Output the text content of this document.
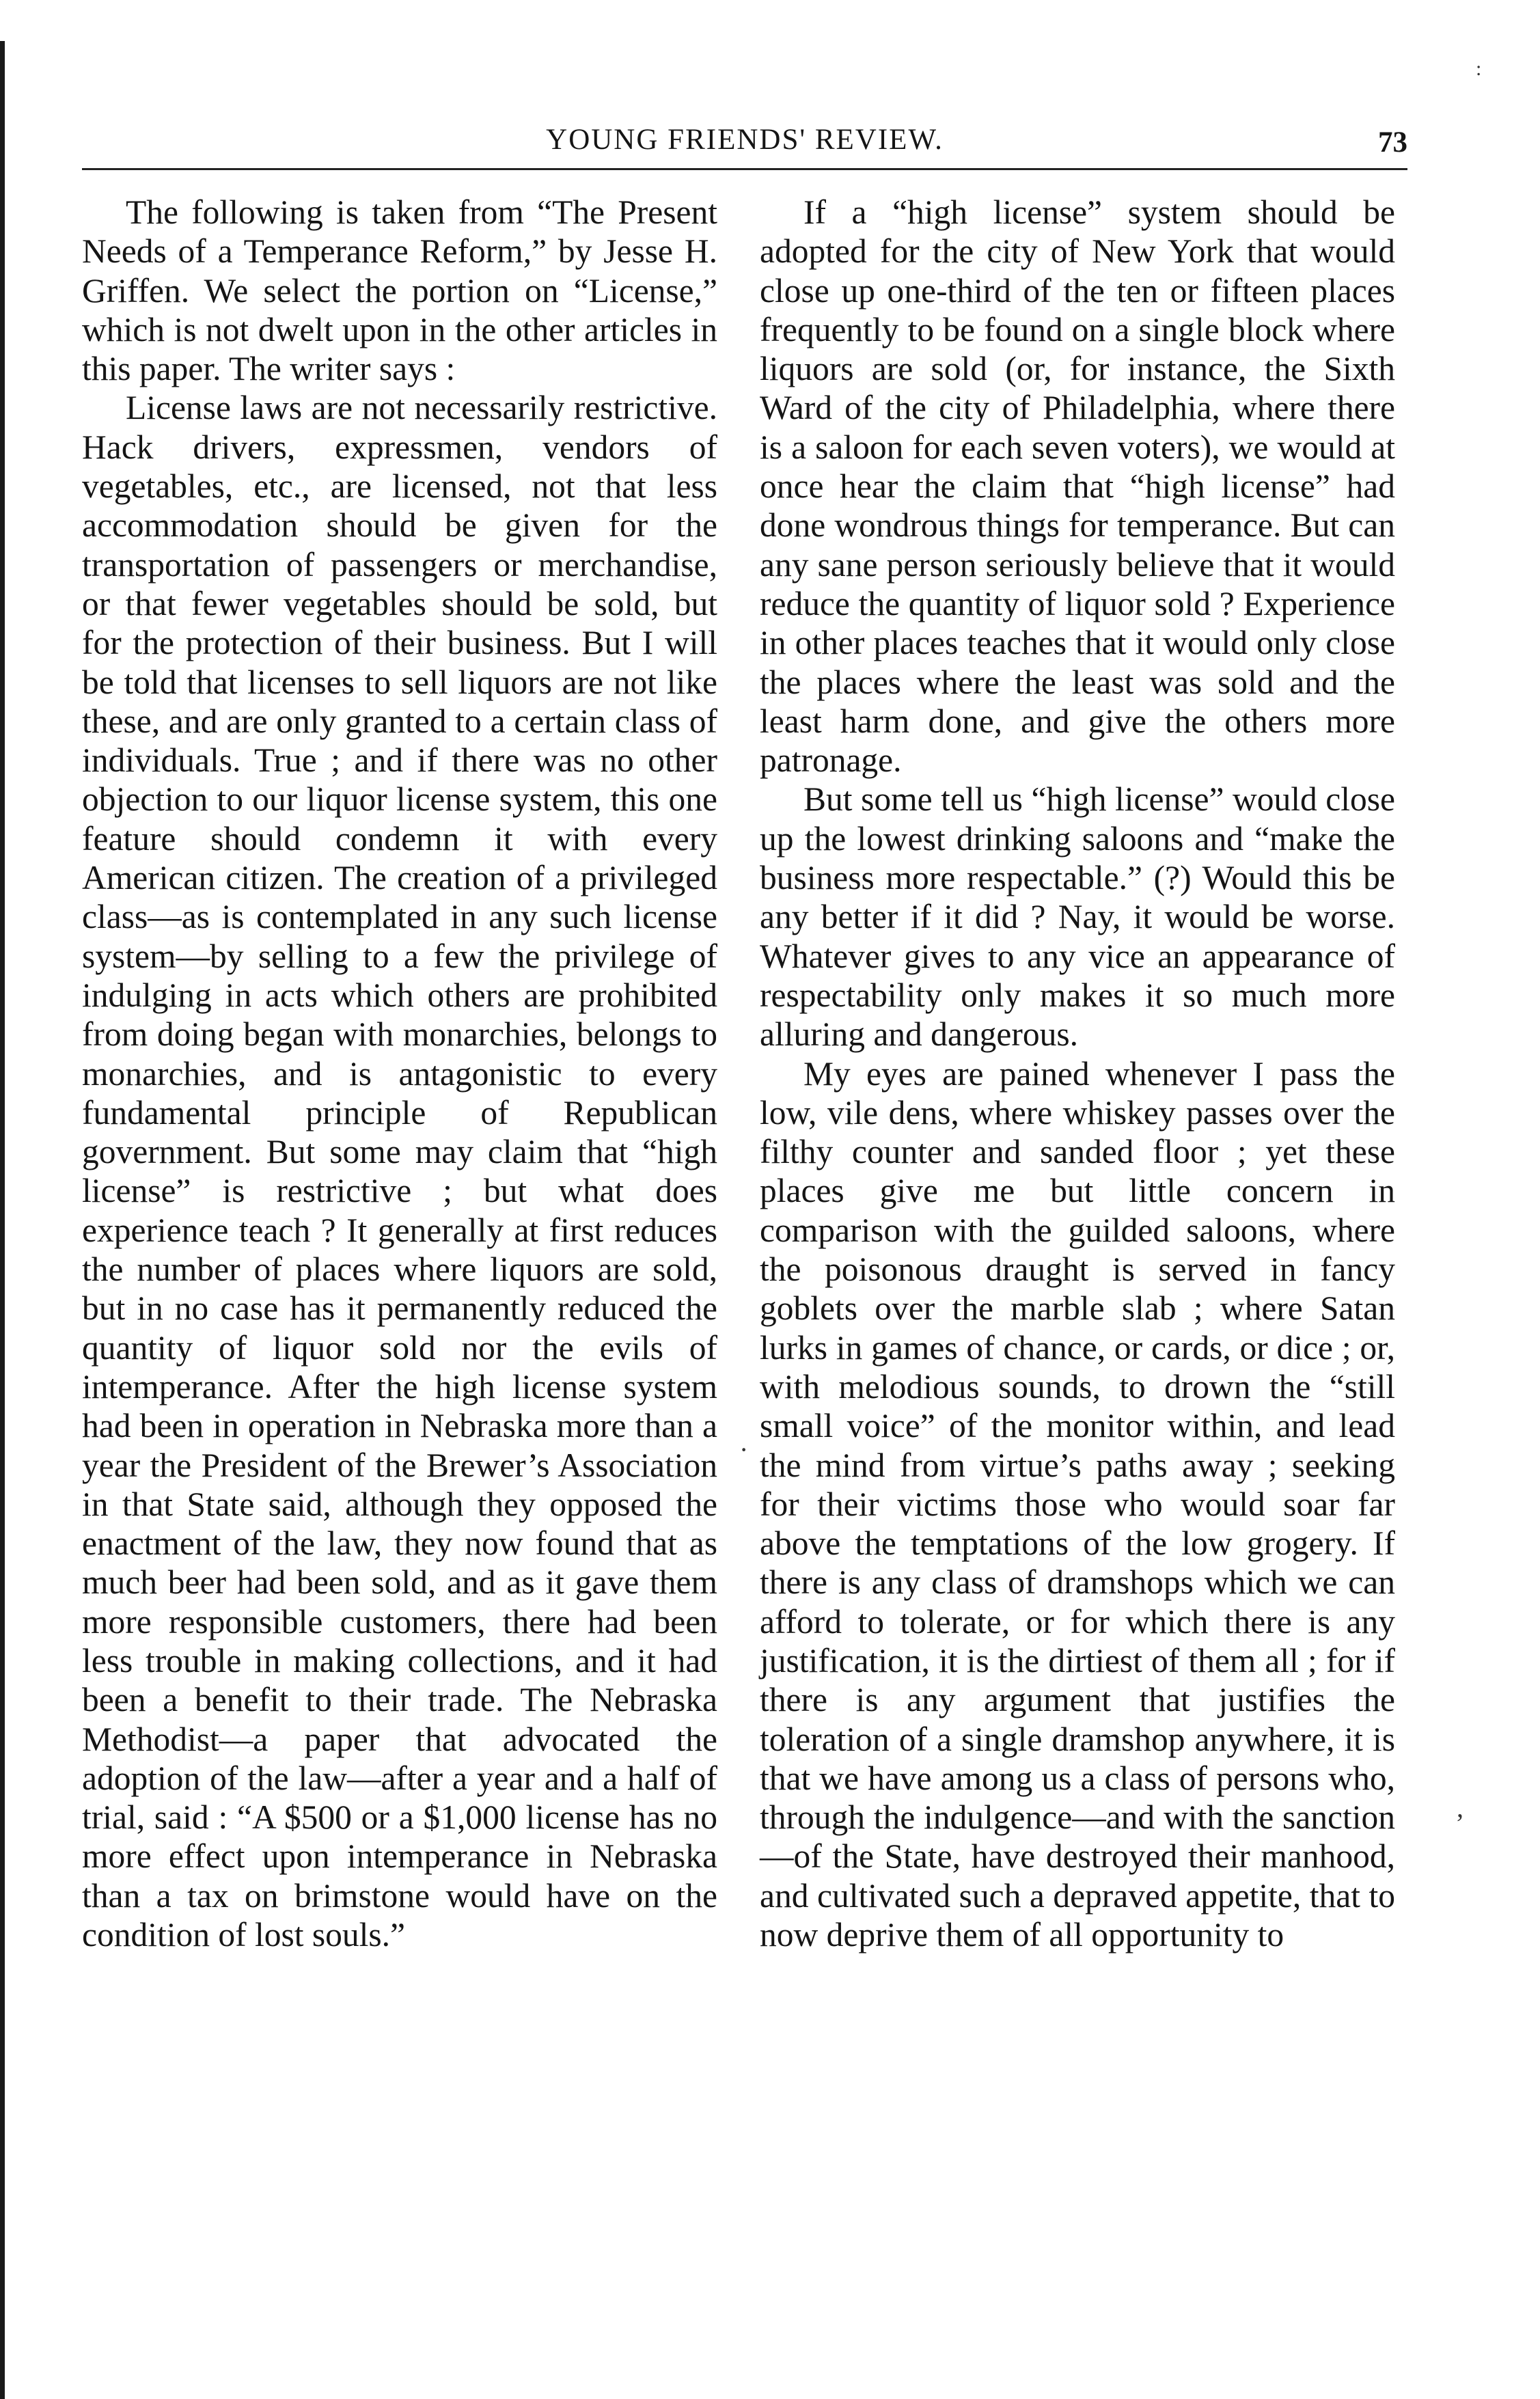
YOUNG FRIENDS' REVIEW.	73

The following is taken from “The Present Needs of a Temperance Reform,” by Jesse H. Griffen. We select the portion on “License,” which is not dwelt upon in the other articles in this paper. The writer says :

License laws are not necessarily restrictive. Hack drivers, expressmen, vendors of vegetables, etc., are licensed, not that less accommodation should be given for the transportation of passengers or merchandise, or that fewer vegetables should be sold, but for the protection of their business. But I will be told that licenses to sell liquors are not like these, and are only granted to a certain class of individuals. True ; and if there was no other objection to our liquor license system, this one feature should condemn it with every American citizen. The creation of a privileged class—as is contemplated in any such license system—by selling to a few the privilege of indulging in acts which others are prohibited from doing began with monarchies, belongs to monarchies, and is antagonistic to every fundamental principle of Republican government. But some may claim that “high license” is restrictive ; but what does experience teach ? It generally at first reduces the number of places where liquors are sold, but in no case has it permanently reduced the quantity of liquor sold nor the evils of intemperance. After the high license system had been in operation in Nebraska more than a year the President of the Brewer’s Association in that State said, although they opposed the enactment of the law, they now found that as much beer had been sold, and as it gave them more responsible customers, there had been less trouble in making collections, and it had been a benefit to their trade. The Nebraska Methodist—a paper that advocated the adoption of the law—after a year and a half of trial, said : “A $500 or a $1,000 license has no more effect upon intemperance in Nebraska than a tax on brimstone would have on the condition of lost souls.”

If a “high license” system should be adopted for the city of New York that would close up one-third of the ten or fifteen places frequently to be found on a single block where liquors are sold (or, for instance, the Sixth Ward of the city of Philadelphia, where there is a saloon for each seven voters), we would at once hear the claim that “high license” had done wondrous things for temperance. But can any sane person seriously believe that it would reduce the quantity of liquor sold ? Experience in other places teaches that it would only close the places where the least was sold and the least harm done, and give the others more patronage.

But some tell us “high license” would close up the lowest drinking saloons and “make the business more respectable.” (?) Would this be any better if it did ? Nay, it would be worse. Whatever gives to any vice an appearance of respectability only makes it so much more alluring and dangerous.

My eyes are pained whenever I pass the low, vile dens, where whiskey passes over the filthy counter and sanded floor ; yet these places give me but little concern in comparison with the guilded saloons, where the poisonous draught is served in fancy goblets over the marble slab ; where Satan lurks in games of chance, or cards, or dice ; or, with melodious sounds, to drown the “still small voice” of the monitor within, and lead the mind from virtue’s paths away ; seeking for their victims those who would soar far above the temptations of the low grogery. If there is any class of dramshops which we can afford to tolerate, or for which there is any justification, it is the dirtiest of them all ; for if there is any argument that justifies the toleration of a single dramshop anywhere, it is that we have among us a class of persons who, through the indulgence—and with the sanction—of the State, have destroyed their manhood, and cultivated such a depraved appetite, that to now deprive them of all opportunity to

·
,
:
